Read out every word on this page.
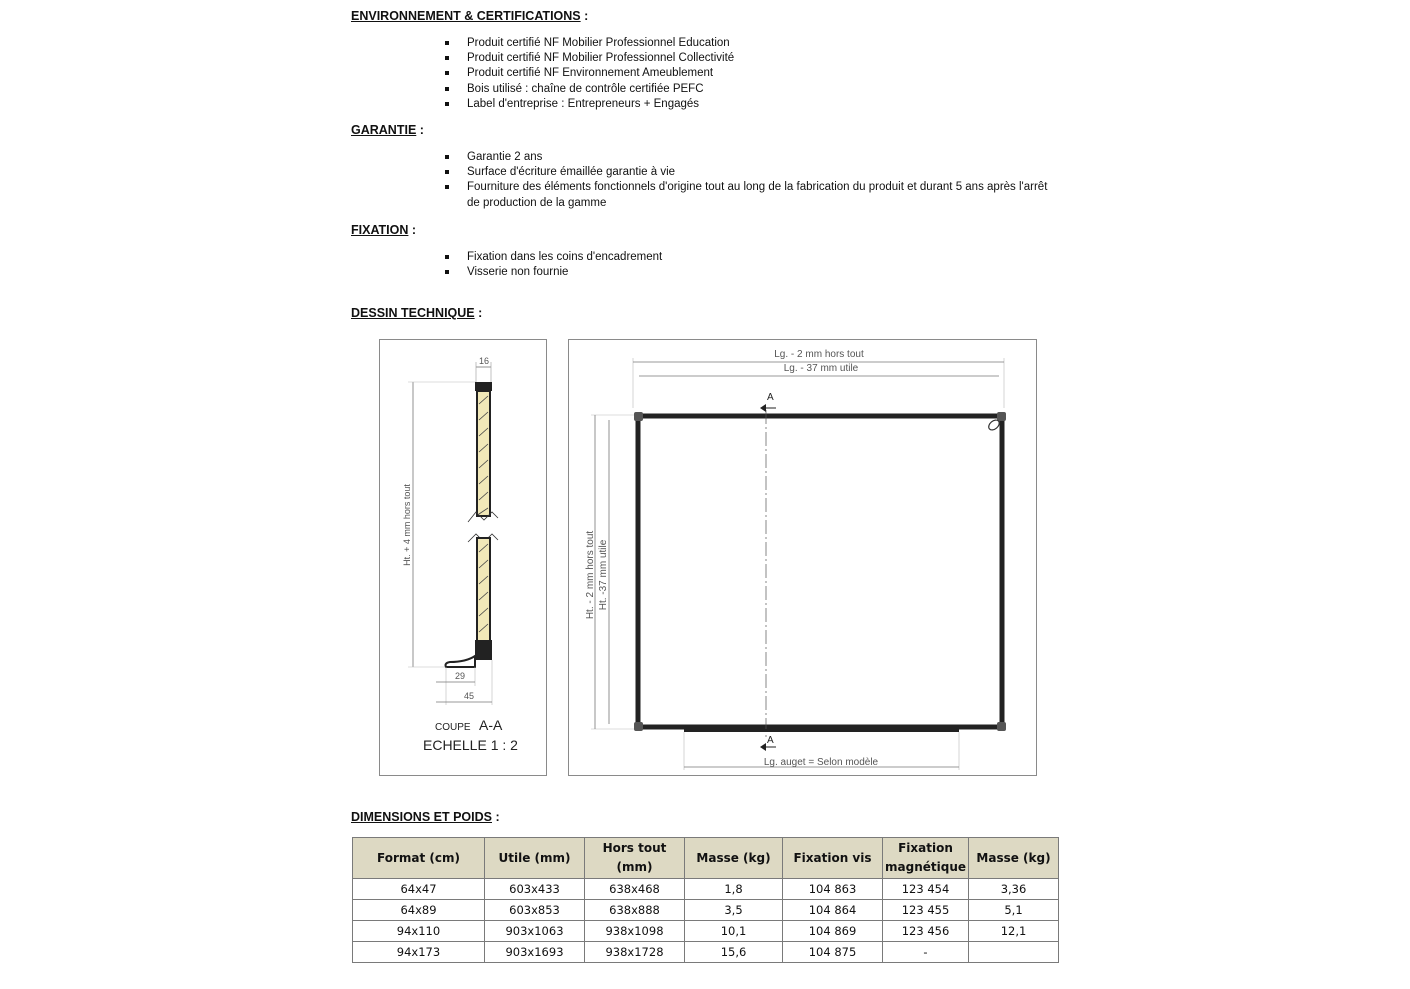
ENVIRONNEMENT & CERTIFICATIONS :
Produit certifié NF Mobilier Professionnel Education
Produit certifié NF Mobilier Professionnel Collectivité
Produit certifié NF Environnement Ameublement
Bois utilisé : chaîne de contrôle certifiée PEFC
Label d'entreprise : Entrepreneurs + Engagés
GARANTIE :
Garantie 2 ans
Surface d'écriture émaillée garantie à vie
Fourniture des éléments fonctionnels d'origine tout au long de la fabrication du produit et durant 5 ans après l'arrêt de production de la gamme
FIXATION :
Fixation dans les coins d'encadrement
Visserie non fournie
DESSIN TECHNIQUE :
16
Ht. + 4 mm hors tout
29
45
COUPE A-A
ECHELLE 1 : 2
Lg. - 2 mm hors tout
Lg. - 37 mm utile
Ht. - 2 mm hors tout Ht. -37 mm utile
A
A
Lg. auget = Selon modèle
DIMENSIONS ET POIDS :
Format (cm)	Utile (mm)	Hors tout (mm)	Masse (kg)	Fixation vis	Fixation magnétique	Masse (kg)
64x47	603x433	638x468	1,8	104 863	123 454	3,36
64x89	603x853	638x888	3,5	104 864	123 455	5,1
94x110	903x1063	938x1098	10,1	104 869	123 456	12,1
94x173	903x1693	938x1728	15,6	104 875	-	
